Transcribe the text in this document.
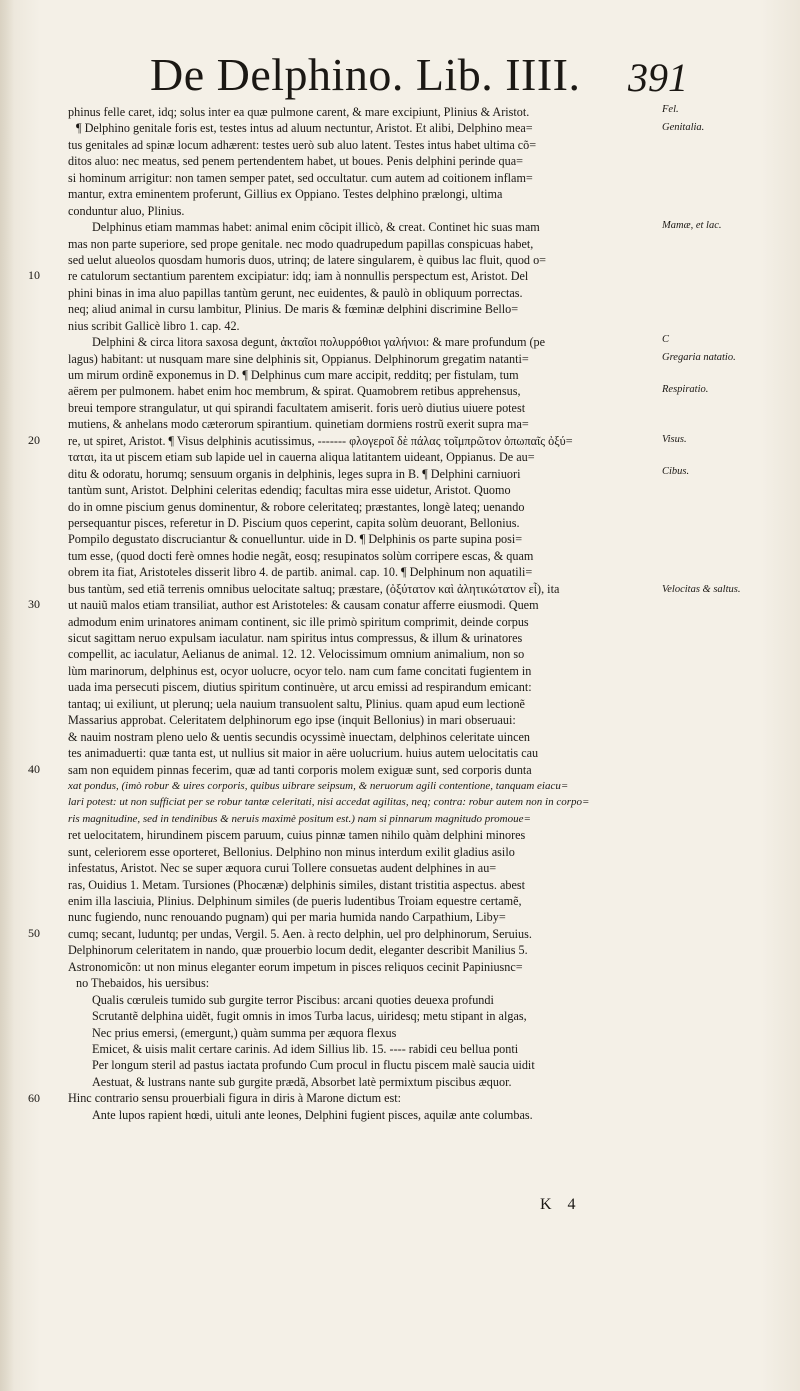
De Delphino. Lib. IIII. 391
10
20
30
40
50
60
phinus felle caret, idq; solus inter ea quæ pulmone carent, & mare excipiunt, Plinius & Aristot.
¶ Delphino genitale foris est, testes intus ad aluum nectuntur, Aristot. Et alibi, Delphino mea=
tus genitales ad spinæ locum adhærent: testes uerò sub aluo latent. Testes intus habet ultima cõ=
ditos aluo: nec meatus, sed penem pertendentem habet, ut boues. Penis delphini perinde qua=
si hominum arrigitur: non tamen semper patet, sed occultatur. cum autem ad coitionem inflam=
mantur, extra eminentem proferunt, Gillius ex Oppiano. Testes delphino prælongi, ultima
conduntur aluo, Plinius.
Delphinus etiam mammas habet: animal enim cõcipit illicò, & creat. Continet hic suas mam
mas non parte superiore, sed prope genitale. nec modo quadrupedum papillas conspicuas habet,
sed uelut alueolos quosdam humoris duos, utrinq; de latere singularem, è quibus lac fluit, quod o=
re catulorum sectantium parentem excipiatur: idq; iam à nonnullis perspectum est, Aristot. Del
phini binas in ima aluo papillas tantùm gerunt, nec euidentes, & paulò in obliquum porrectas.
neq; aliud animal in cursu lambitur, Plinius. De maris & fœminæ delphini discrimine Bello=
nius scribit Gallicè libro 1. cap. 42.
Delphini & circa litora saxosa degunt, ἀκταῖοι πολυρρόθιοι γαλήνιοι: & mare profundum (pe
lagus) habitant: ut nusquam mare sine delphinis sit, Oppianus. Delphinorum gregatim natanti=
um mirum ordinẽ exponemus in D. ¶ Delphinus cum mare accipit, redditq; per fistulam, tum
aërem per pulmonem. habet enim hoc membrum, & spirat. Quamobrem retibus apprehensus,
breui tempore strangulatur, ut qui spirandi facultatem amiserit. foris uerò diutius uiuere potest
mutiens, & anhelans modo cæterorum spirantium. quinetiam dormiens rostrũ exerit supra ma=
re, ut spiret, Aristot. ¶ Visus delphinis acutissimus, ------- φλογεροῖ δὲ πάλας τοῖμπρῶτον ὀπωπαῖς ὀξύ=
ταται, ita ut piscem etiam sub lapide uel in cauerna aliqua latitantem uideant, Oppianus. De au=
ditu & odoratu, horumq; sensuum organis in delphinis, leges supra in B. ¶ Delphini carniuori
tantùm sunt, Aristot. Delphini celeritas edendiq; facultas mira esse uidetur, Aristot. Quomo
do in omne piscium genus dominentur, & robore celeritateq; præstantes, longè lateq; uenando
persequantur pisces, referetur in D. Piscium quos ceperint, capita solùm deuorant, Bellonius.
Pompilo degustato discruciantur & conuelluntur. uide in D. ¶ Delphinis os parte supina posi=
tum esse, (quod docti ferè omnes hodie negãt, eosq; resupinatos solùm corripere escas, & quam
obrem ita fiat, Aristoteles disserit libro 4. de partib. animal. cap. 10. ¶ Delphinum non aquatili=
bus tantùm, sed etiã terrenis omnibus uelocitate saltuq; præstare, (ὀξύτατον καὶ ἀλητικώτατον εἶ), ita
ut nauiũ malos etiam transiliat, author est Aristoteles: & causam conatur afferre eiusmodi. Quem
admodum enim urinatores animam continent, sic ille primò spiritum comprimit, deinde corpus
sicut sagittam neruo expulsam iaculatur. nam spiritus intus compressus, & illum & urinatores
compellit, ac iaculatur, Aelianus de animal. 12. 12. Velocissimum omnium animalium, non so
lùm marinorum, delphinus est, ocyor uolucre, ocyor telo. nam cum fame concitati fugientem in
uada ima persecuti piscem, diutius spiritum continuère, ut arcu emissi ad respirandum emicant:
tantaq; ui exiliunt, ut plerunq; uela nauium transuolent saltu, Plinius. quam apud eum lectionẽ
Massarius approbat. Celeritatem delphinorum ego ipse (inquit Bellonius) in mari obseruaui:
& nauim nostram pleno uelo & uentis secundis ocyssimè inuectam, delphinos celeritate uincen
tes animaduerti: quæ tanta est, ut nullius sit maior in aëre uolucrium. huius autem uelocitatis cau
sam non equidem pinnas fecerim, quæ ad tanti corporis molem exiguæ sunt, sed corporis dunta
xat pondus, (imò robur & uires corporis, quibus uibrare seipsum, & neruorum agili contentione, tanquam eiacu=
lari potest: ut non sufficiat per se robur tantæ celeritati, nisi accedat agilitas, neq; contra: robur autem non in corpo=
ris magnitudine, sed in tendinibus & neruis maximè positum est.) nam si pinnarum magnitudo promoue=
ret uelocitatem, hirundinem piscem paruum, cuius pinnæ tamen nihilo quàm delphini minores
sunt, celeriorem esse oporteret, Bellonius. Delphino non minus interdum exilit gladius asilo
infestatus, Aristot. Nec se super æquora curui Tollere consuetas audent delphines in au=
ras, Ouidius 1. Metam. Tursiones (Phocænæ) delphinis similes, distant tristitia aspectus. abest
enim illa lasciuia, Plinius. Delphinum similes (de pueris ludentibus Troiam equestre certamẽ,
nunc fugiendo, nunc renouando pugnam) qui per maria humida nando Carpathium, Liby=
cumq; secant, luduntq; per undas, Vergil. 5. Aen. à recto delphin, uel pro delphinorum, Seruius.
Delphinorum celeritatem in nando, quæ prouerbio locum dedit, eleganter describit Manilius 5.
Astronomicõn: ut non minus eleganter eorum impetum in pisces reliquos cecinit Papiniusnc=
no Thebaidos, his uersibus:
Qualis cœruleis tumido sub gurgite terror Piscibus: arcani quoties deuexa profundi
Scrutantẽ delphina uidẽt, fugit omnis in imos Turba lacus, uiridesq; metu stipant in algas,
Nec prius emersi, (emergunt,) quàm summa per æquora flexus
Emicet, & uisis malit certare carinis. Ad idem Sillius lib. 15. ---- rabidi ceu bellua ponti
Per longum steril ad pastus iactata profundo Cum procul in fluctu piscem malè saucia uidit
Aestuat, & lustrans nante sub gurgite prædã, Absorbet latè permixtum piscibus æquor.
Hinc contrario sensu prouerbiali figura in diris à Marone dictum est:
Ante lupos rapient hœdi, uituli ante leones, Delphini fugient pisces, aquilæ ante columbas.
Fel.
Genitalia.
Mamæ, et lac.
C
Gregaria natatio.
Respiratio.
Visus.
Cibus.
Velocitas & saltus.
K 4
